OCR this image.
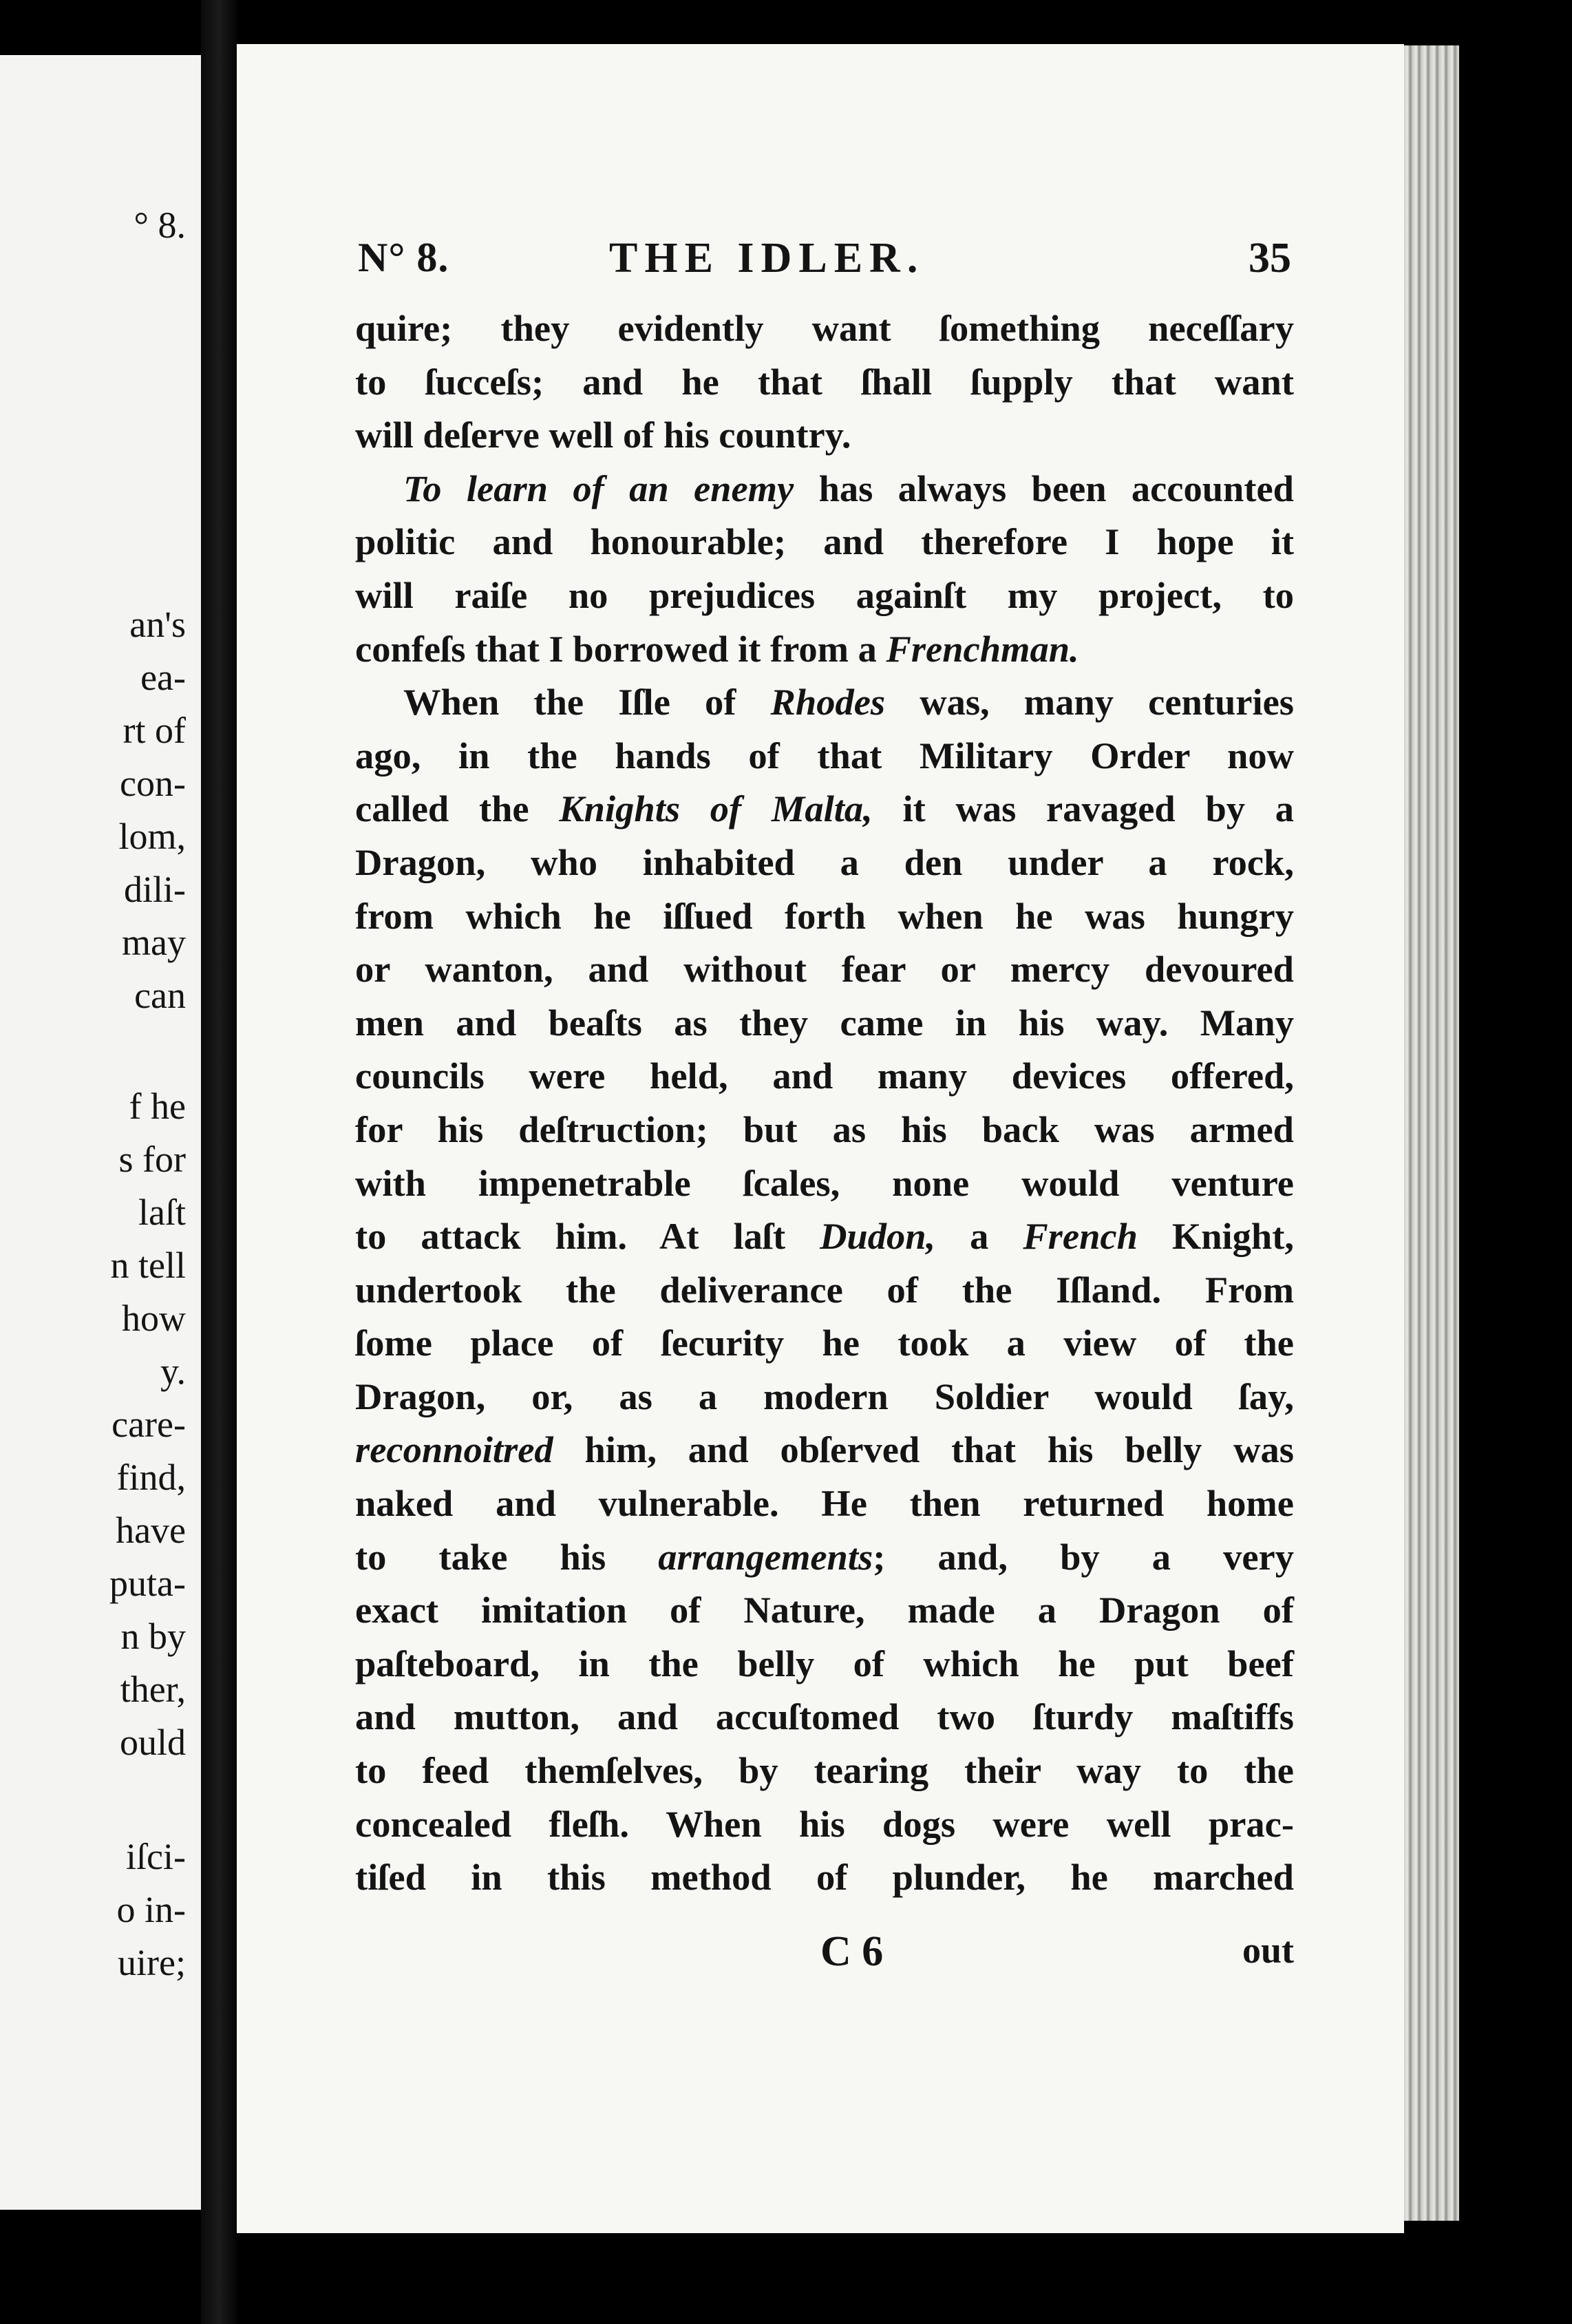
° 8.
an's
ea-
rt of
con-
lom,
dili-
may
can
f he
s for
laſt
n tell
how
y.
care-
find,
have
puta-
n by
ther,
ould
iſci-
o in-
uire;
N° 8.	THE IDLER.	35
quire; they evidently want ſomething neceſſary
to ſucceſs; and he that ſhall ſupply that want
will deſerve well of his country.
To learn of an enemy has always been accounted
politic and honourable; and therefore I hope it
will raiſe no prejudices againſt my project, to
confeſs that I borrowed it from a Frenchman.
When the Iſle of Rhodes was, many centuries
ago, in the hands of that Military Order now
called the Knights of Malta, it was ravaged by a
Dragon, who inhabited a den under a rock,
from which he iſſued forth when he was hungry
or wanton, and without fear or mercy devoured
men and beaſts as they came in his way. Many
councils were held, and many devices offered,
for his deſtruction; but as his back was armed
with impenetrable ſcales, none would venture
to attack him. At laſt Dudon, a French Knight,
undertook the deliverance of the Iſland. From
ſome place of ſecurity he took a view of the
Dragon, or, as a modern Soldier would ſay,
reconnoitred him, and obſerved that his belly was
naked and vulnerable. He then returned home
to take his arrangements; and, by a very
exact imitation of Nature, made a Dragon of
paſteboard, in the belly of which he put beef
and mutton, and accuſtomed two ſturdy maſtiffs
to feed themſelves, by tearing their way to the
concealed fleſh. When his dogs were well prac-
tiſed in this method of plunder, he marched
C 6	out
